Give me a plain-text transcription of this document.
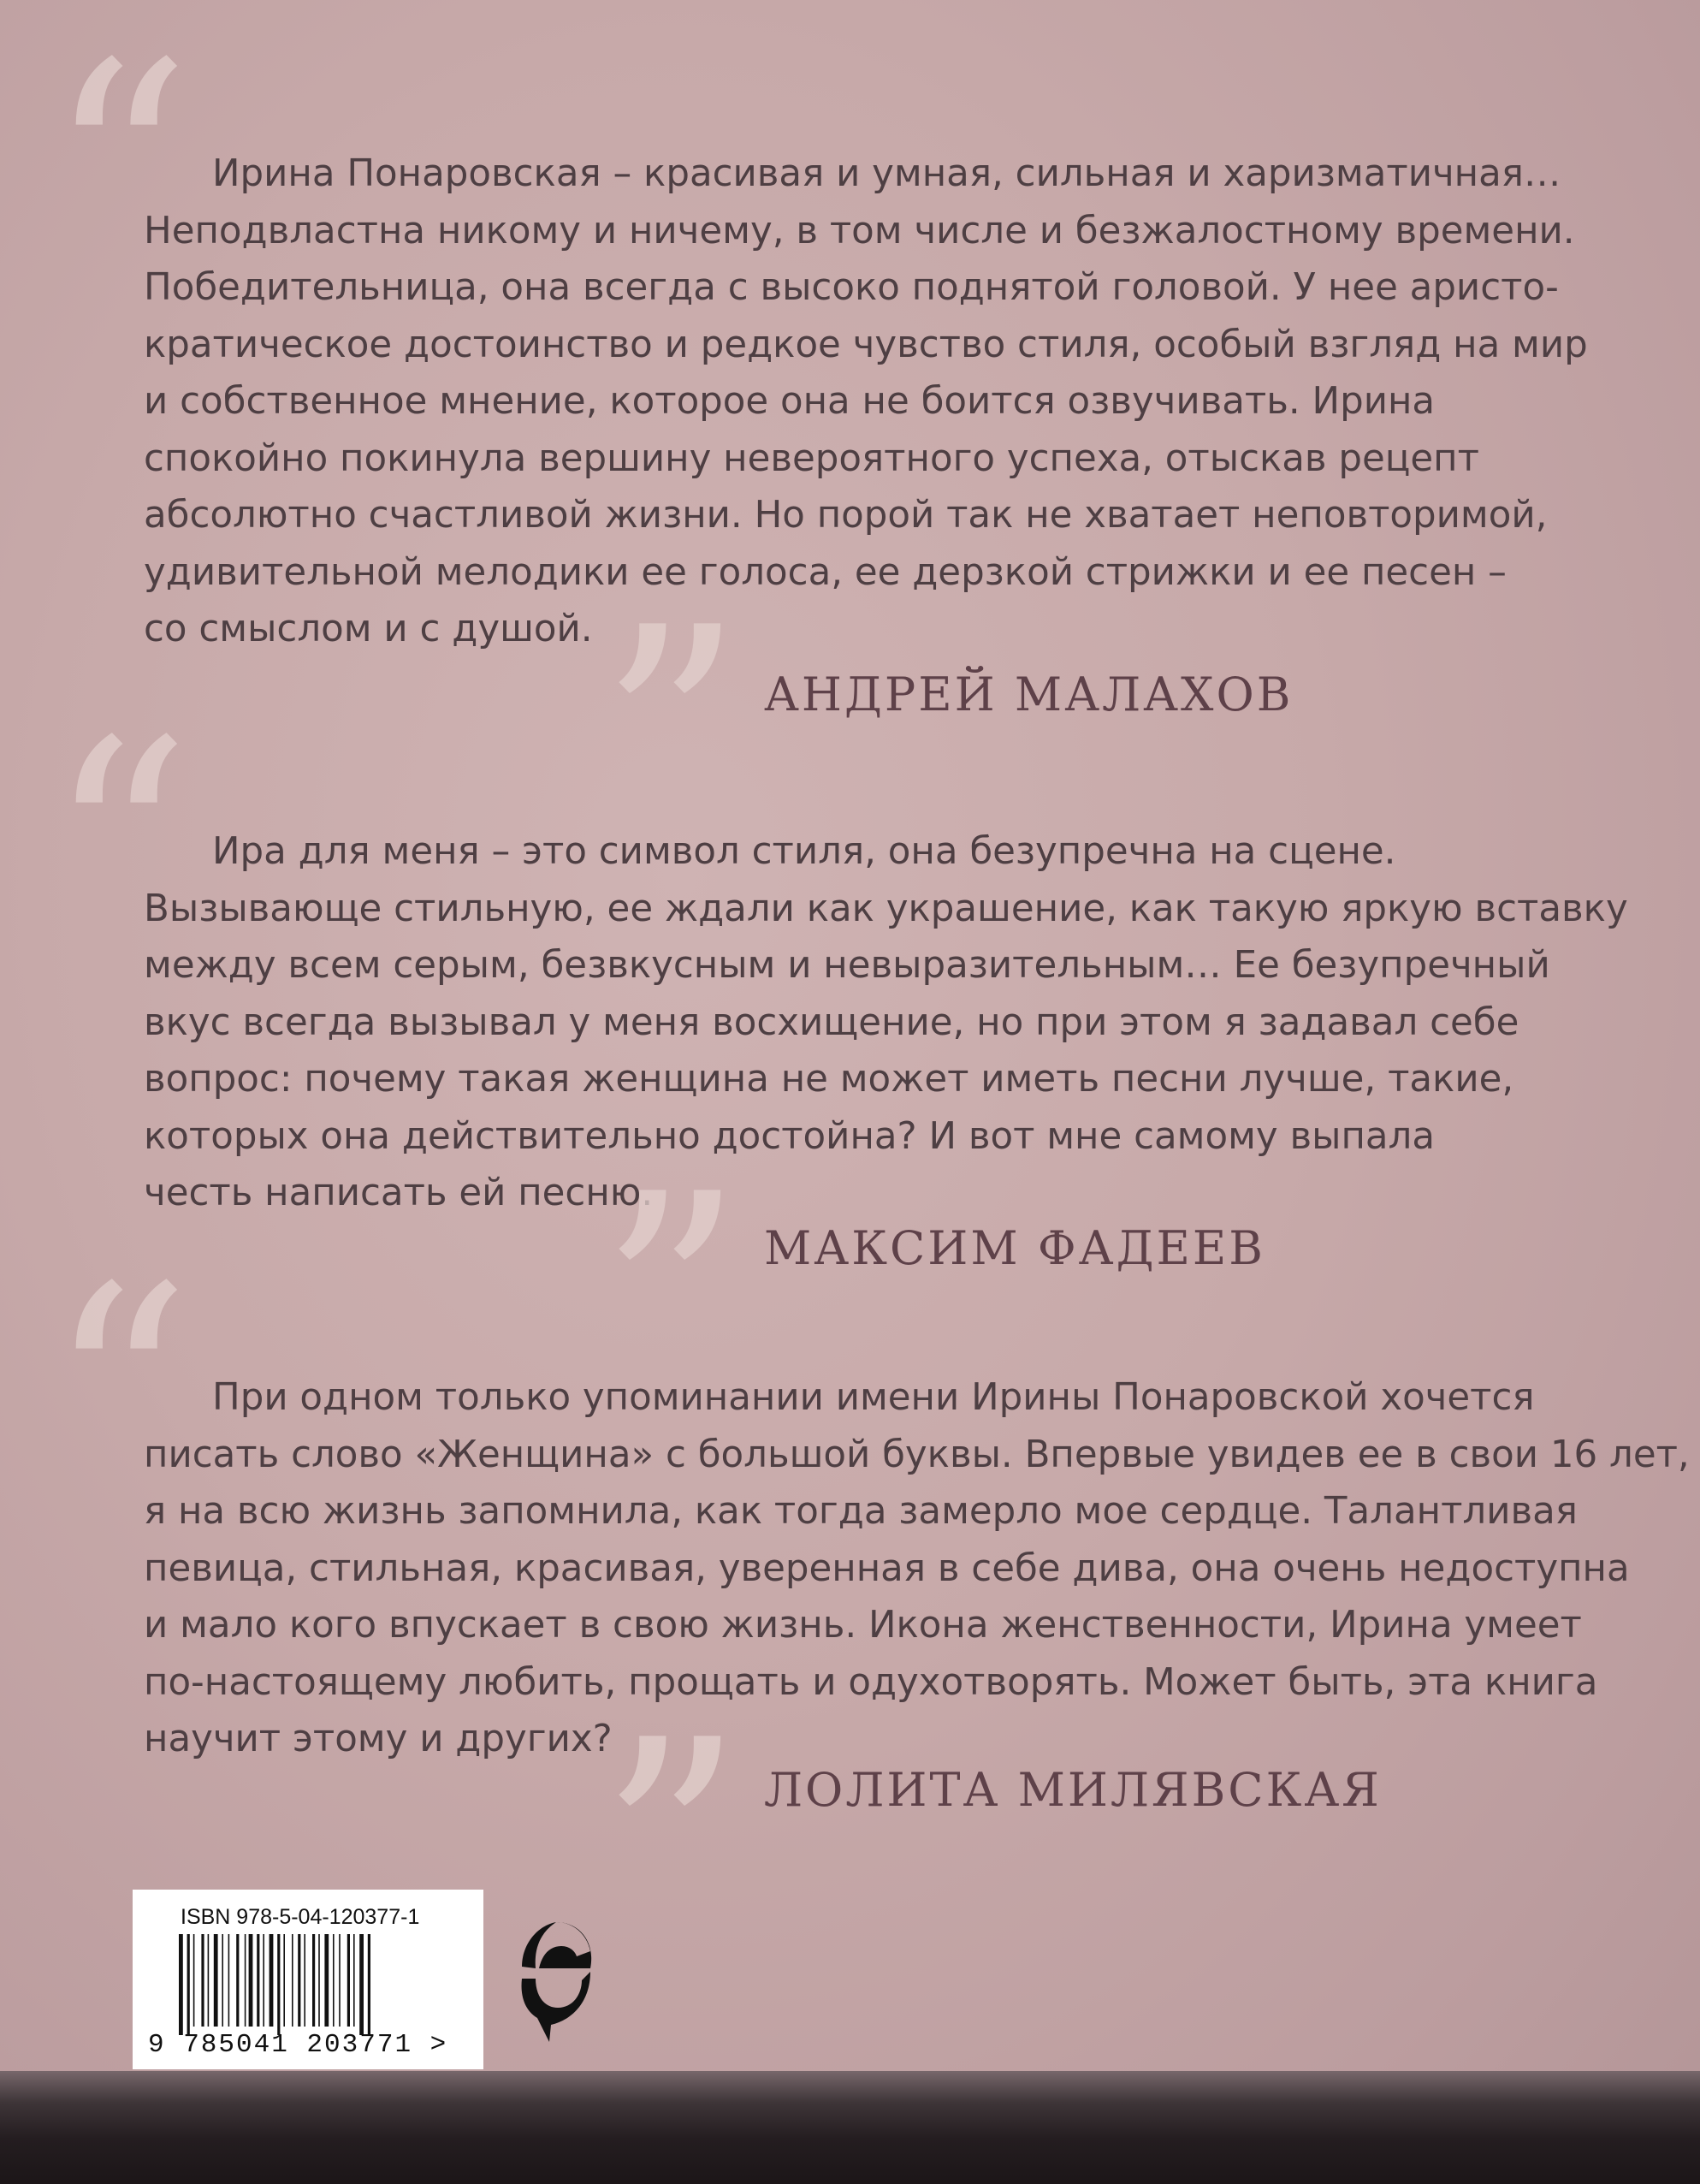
“ Ирина Понаровская – красивая и умная, сильная и харизматичная…
Неподвластна никому и ничему, в том числе и безжалостному времени.
Победительница, она всегда с высоко поднятой головой. У нее аристо-
кратическое достоинство и редкое чувство стиля, особый взгляд на мир
и собственное мнение, которое она не боится озвучивать. Ирина
спокойно покинула вершину невероятного успеха, отыскав рецепт
абсолютно счастливой жизни. Но порой так не хватает неповторимой,
удивительной мелодики ее голоса, ее дерзкой стрижки и ее песен –
со смыслом и с душой. ” АНДРЕЙ МАЛАХОВ
“ Ира для меня – это символ стиля, она безупречна на сцене.
Вызывающе стильную, ее ждали как украшение, как такую яркую вставку
между всем серым, безвкусным и невыразительным… Ее безупречный
вкус всегда вызывал у меня восхищение, но при этом я задавал себе
вопрос: почему такая женщина не может иметь песни лучше, такие,
которых она действительно достойна? И вот мне самому выпала
честь написать ей песню.
” МАКСИМ ФАДЕЕВ
“ При одном только упоминании имени Ирины Понаровской хочется
писать слово «Женщина» с большой буквы. Впервые увидев ее в свои 16 лет,
я на всю жизнь запомнила, как тогда замерло мое сердце. Талантливая
певица, стильная, красивая, уверенная в себе дива, она очень недоступна
и мало кого впускает в свою жизнь. Икона женственности, Ирина умеет
по-настоящему любить, прощать и одухотворять. Может быть, эта книга
научит этому и других?
” ЛОЛИТА МИЛЯВСКАЯ
ISBN 978-5-04-120377-1
9 785041 203771 >
